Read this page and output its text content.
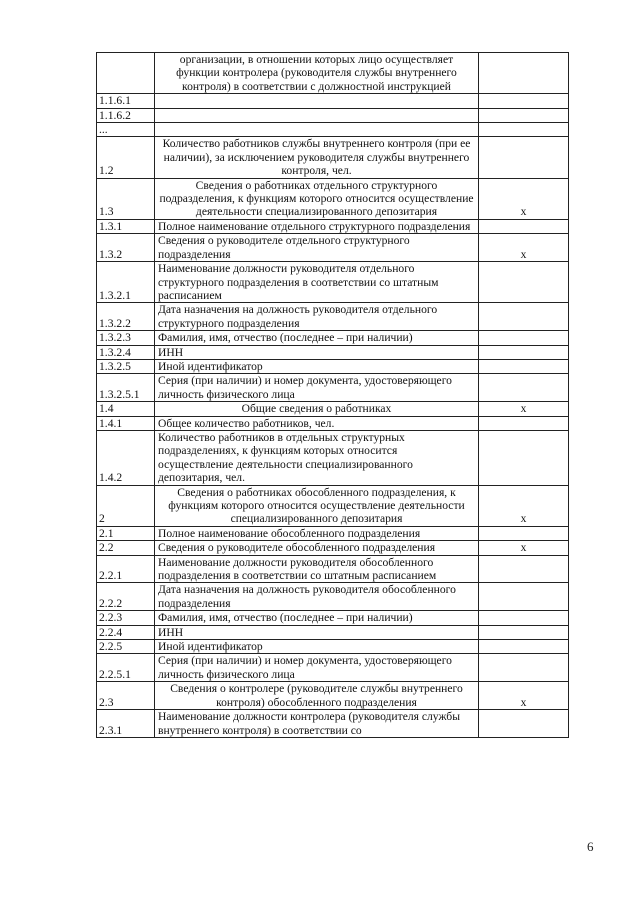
	организации, в отношении которых лицо осуществляет функции контролера (руководителя службы внутреннего контроля) в соответствии с должностной инструкцией	
1.1.6.1		
1.1.6.2		
...		
1.2	Количество работников службы внутреннего контроля (при ее наличии), за исключением руководителя службы внутреннего контроля, чел.	
1.3	Сведения о работниках отдельного структурного подразделения, к функциям которого относится осуществление деятельности специализированного депозитария	x
1.3.1	Полное наименование отдельного структурного подразделения	
1.3.2	Сведения о руководителе отдельного структурного подразделения	x
1.3.2.1	Наименование должности руководителя отдельного структурного подразделения в соответствии со штатным расписанием	
1.3.2.2	Дата назначения на должность руководителя отдельного структурного подразделения	
1.3.2.3	Фамилия, имя, отчество (последнее – при наличии)	
1.3.2.4	ИНН	
1.3.2.5	Иной идентификатор	
1.3.2.5.1	Серия (при наличии) и номер документа, удостоверяющего личность физического лица	
1.4	Общие сведения о работниках	x
1.4.1	Общее количество работников, чел.	
1.4.2	Количество работников в отдельных структурных подразделениях, к функциям которых относится осуществление деятельности специализированного депозитария, чел.	
2	Сведения о работниках обособленного подразделения, к функциям которого относится осуществление деятельности специализированного депозитария	x
2.1	Полное наименование обособленного подразделения	
2.2	Сведения о руководителе обособленного подразделения	x
2.2.1	Наименование должности руководителя обособленного подразделения в соответствии со штатным расписанием	
2.2.2	Дата назначения на должность руководителя обособленного подразделения	
2.2.3	Фамилия, имя, отчество (последнее – при наличии)	
2.2.4	ИНН	
2.2.5	Иной идентификатор	
2.2.5.1	Серия (при наличии) и номер документа, удостоверяющего личность физического лица	
2.3	Сведения о контролере (руководителе службы внутреннего контроля) обособленного подразделения	x
2.3.1	Наименование должности контролера (руководителя службы внутреннего контроля) в соответствии со	
6
